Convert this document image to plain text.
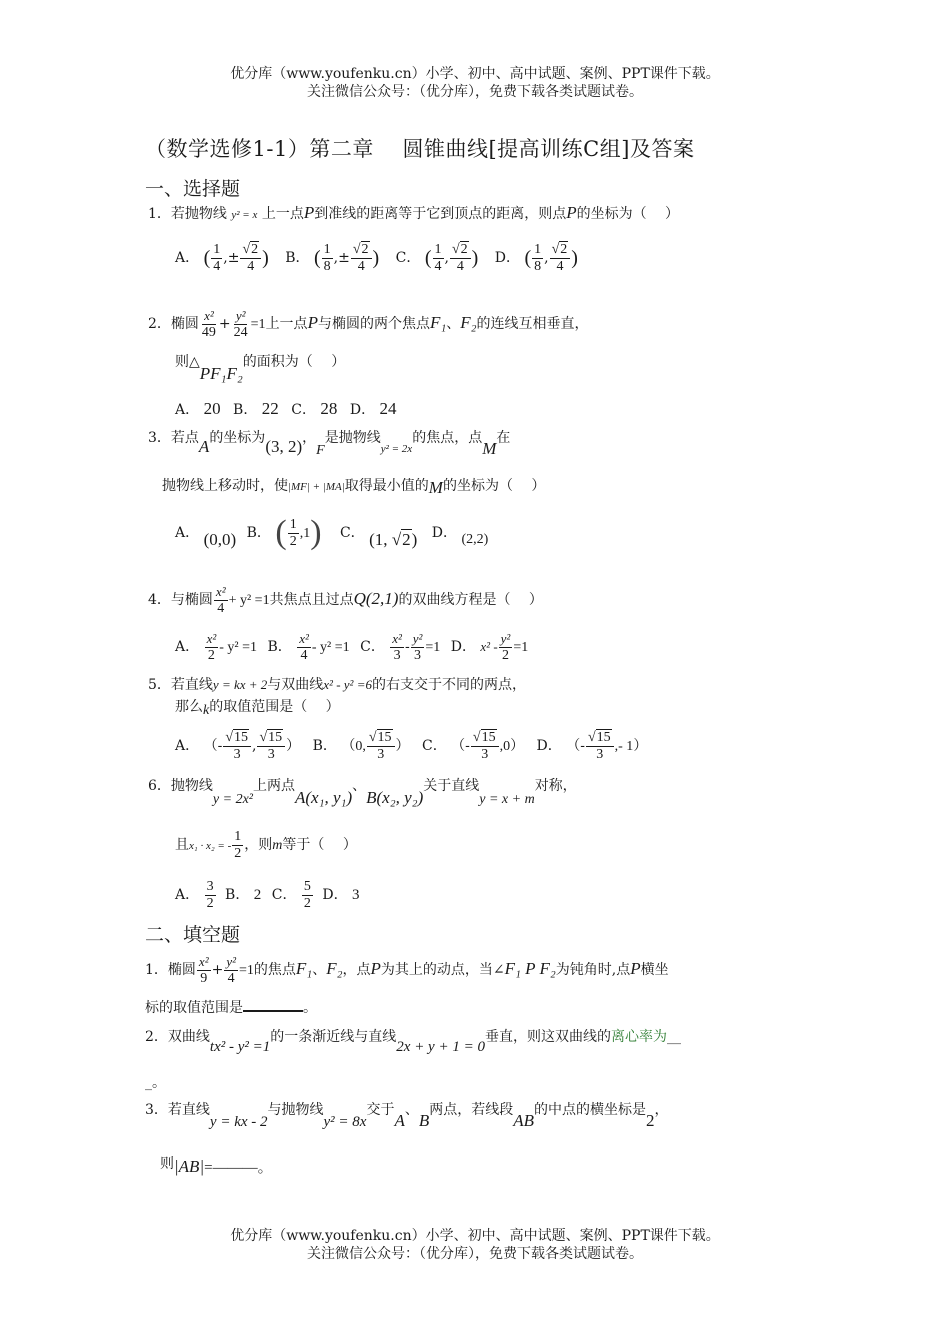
优分库（www.youfenku.cn）小学、初中、高中试题、案例、PPT课件下载。
关注微信公众号：（优分库），免费下载各类试题试卷。
（数学选修1-1）第二章　 圆锥曲线[提高训练C组]及答案
一、选择题
1．若抛物线 y² = x 上一点P到准线的距离等于它到顶点的距离，则点P的坐标为（　 ）
A． ( $\frac{1}{4}$ ,± $\frac{√2}{4}$ ) B． ( $\frac{1}{8}$ ,± $\frac{√2}{4}$ ) C． ( $\frac{1}{4}$ , $\frac{√2}{4}$ ) D． ( $\frac{1}{8}$ , $\frac{√2}{4}$ )
2．椭圆 $\frac{\text{x²}}{49} + \frac{\text{y²}}{24} =1$上一点P与椭圆的两个焦点F₁、F₂的连线互相垂直，
则△PF₁F₂的面积为（　 ）
A． 20 B． 22 C． 28 D． 24
3．若点A的坐标为(3, 2)，F是抛物线$_{y^2 = 2x}$的焦点，点M在
抛物线上移动时，使|MF| + |MA|取得最小值的M的坐标为（　 ）
A． (0,0) B． ( $\frac{1}{2} ,1$) C． (1, √2) D． (2,2)
4．与椭圆 $\frac{\text{x²}}{4} + y^2 =1$共焦点且过点Q(2,1)的双曲线方程是（　 ）
A． $\frac{\text{x²}}{2} - y^2 =1$ B． $\frac{\text{x²}}{4} - y^2 =1$ C． $\frac{\text{x²}}{3} - \frac{\text{y²}}{3} =1$ D． $x^2 - \frac{\text{y²}}{2} =1$
5．若直线y = kx + 2与双曲线x² - y² =6的右支交于不同的两点，
那么k的取值范围是（　 ）
A． （- $\frac{√15}{3}$ , $\frac{√15}{3}$ ） B． （0, $\frac{√15}{3}$ ） C． （- $\frac{√15}{3} ,0$） D． （- $\frac{√15}{3}$ ,- 1）
6．抛物线y = 2x²上两点A(x₁, y₁)、B(x₂, y₂)关于直线y = x + m对称，
且x₁ · x₂ = - $\frac{1}{2}$ ，则m等于（　 ）
A． $\frac{3}{2}$ B． 2 C． $\frac{5}{2}$ D． 3
二、填空题
1．椭圆 $\frac{\text{x²}}{9} + \frac{\text{y²}}{4} =1$的焦点F₁、F₂，点P为其上的动点，当∠F₁ P F₂为钝角时,点P横坐
标的取值范围是	。
2．双曲线tx² - y² =1的一条渐近线与直线2x + y + 1 = 0垂直，则这双曲线的离心率为__
_。
3．若直线y = kx - 2与抛物线y² = 8x交于A、B两点，若线段AB的中点的横坐标是2，
则|AB|=———。
优分库（www.youfenku.cn）小学、初中、高中试题、案例、PPT课件下载。
关注微信公众号：（优分库），免费下载各类试题试卷。
